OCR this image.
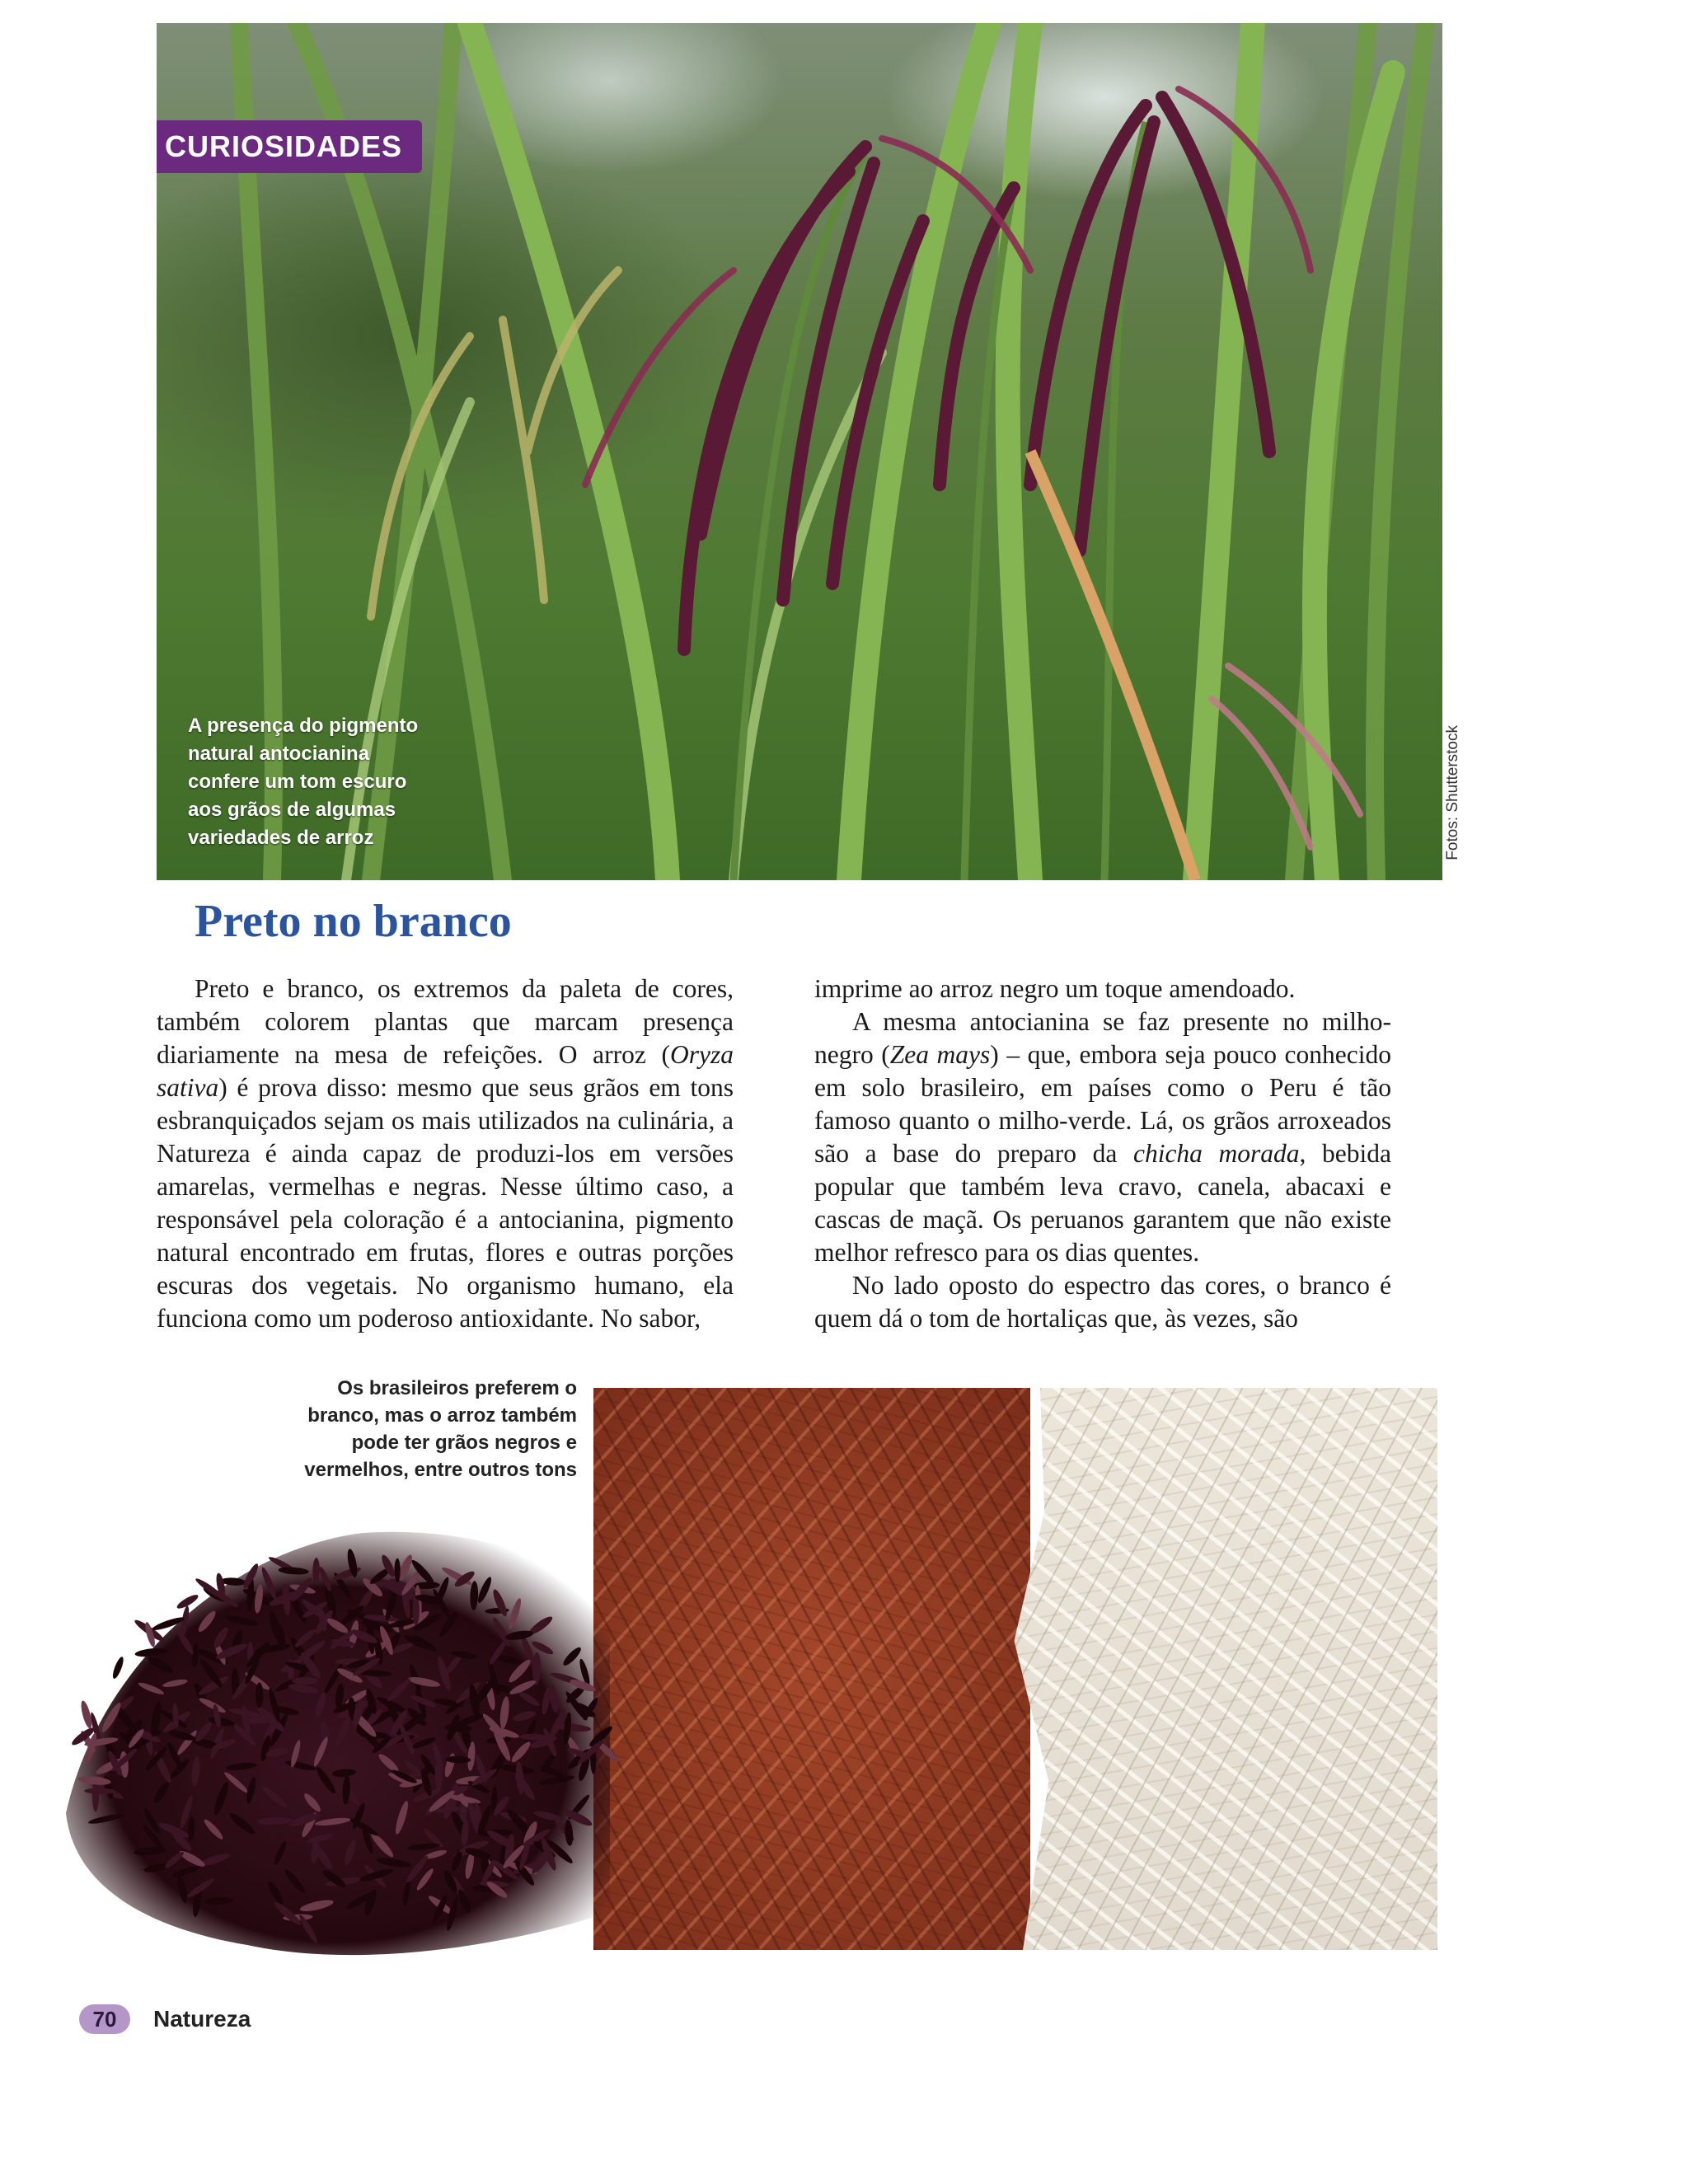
CURIOSIDADES
A presença do pigmento
natural antocianina
confere um tom escuro
aos grãos de algumas
variedades de arroz	Fotos: Shutterstock
Preto no branco

Preto e branco, os extremos da paleta de cores, também colorem plantas que marcam presença diariamente na mesa de refeições. O arroz (Oryza sativa) é prova disso: mesmo que seus grãos em tons esbranquiçados sejam os mais utilizados na culinária, a Natureza é ainda capaz de produzi-los em versões amarelas, vermelhas e negras. Nesse último caso, a responsável pela coloração é a antocianina, pigmento natural encontrado em frutas, flores e outras porções escuras dos vegetais. No organismo humano, ela funciona como um poderoso antioxidante. No sabor,

imprime ao arroz negro um toque amendoado.

A mesma antocianina se faz presente no milho-negro (Zea mays) – que, embora seja pouco conhecido em solo brasileiro, em países como o Peru é tão famoso quanto o milho-verde. Lá, os grãos arroxeados são a base do preparo da chicha morada, bebida popular que também leva cravo, canela, abacaxi e cascas de maçã. Os peruanos garantem que não existe melhor refresco para os dias quentes.

No lado oposto do espectro das cores, o branco é quem dá o tom de hortaliças que, às vezes, são

Os brasileiros preferem o
branco, mas o arroz também
pode ter grãos negros e
vermelhos, entre outros tons
70	Natureza
